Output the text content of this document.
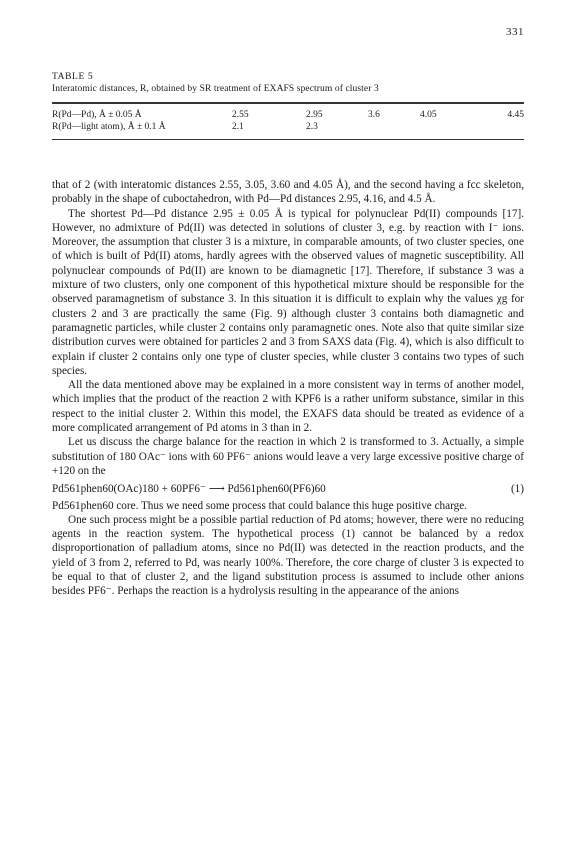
331

TABLE 5

Interatomic distances, R, obtained by SR treatment of EXAFS spectrum of cluster 3

R(Pd—Pd), Å ± 0.05 Å	2.55	2.95	3.6	4.05	4.45
R(Pd—light atom), Å ± 0.1 Å	2.1	2.3			

that of 2 (with interatomic distances 2.55, 3.05, 3.60 and 4.05 Å), and the second having a fcc skeleton, probably in the shape of cuboctahedron, with Pd—Pd distances 2.95, 4.16, and 4.5 Å.

The shortest Pd—Pd distance 2.95 ± 0.05 Å is typical for polynuclear Pd(II) compounds [17]. However, no admixture of Pd(II) was detected in solutions of cluster 3, e.g. by reaction with I⁻ ions. Moreover, the assumption that cluster 3 is a mixture, in comparable amounts, of two cluster species, one of which is built of Pd(II) atoms, hardly agrees with the observed values of magnetic susceptibility. All polynuclear compounds of Pd(II) are known to be diamagnetic [17]. Therefore, if substance 3 was a mixture of two clusters, only one component of this hypothetical mixture should be responsible for the observed paramagnetism of substance 3. In this situation it is difficult to explain why the values χg for clusters 2 and 3 are practically the same (Fig. 9) although cluster 3 contains both diamagnetic and paramagnetic particles, while cluster 2 contains only paramagnetic ones. Note also that quite similar size distribution curves were obtained for particles 2 and 3 from SAXS data (Fig. 4), which is also difficult to explain if cluster 2 contains only one type of cluster species, while cluster 3 contains two types of such species.

All the data mentioned above may be explained in a more consistent way in terms of another model, which implies that the product of the reaction 2 with KPF6 is a rather uniform substance, similar in this respect to the initial cluster 2. Within this model, the EXAFS data should be treated as evidence of a more complicated arrangement of Pd atoms in 3 than in 2.

Let us discuss the charge balance for the reaction in which 2 is transformed to 3. Actually, a simple substitution of 180 OAc⁻ ions with 60 PF6⁻ anions would leave a very large excessive positive charge of +120 on the

Pd561phen60(OAc)180 + 60PF6⁻ ⟶ Pd561phen60(PF6)60	(1)

Pd561phen60 core. Thus we need some process that could balance this huge positive charge.

One such process might be a possible partial reduction of Pd atoms; however, there were no reducing agents in the reaction system. The hypothetical process (1) cannot be balanced by a redox disproportionation of palladium atoms, since no Pd(II) was detected in the reaction products, and the yield of 3 from 2, referred to Pd, was nearly 100%. Therefore, the core charge of cluster 3 is expected to be equal to that of cluster 2, and the ligand substitution process is assumed to include other anions besides PF6⁻. Perhaps the reaction is a hydrolysis resulting in the appearance of the anions
